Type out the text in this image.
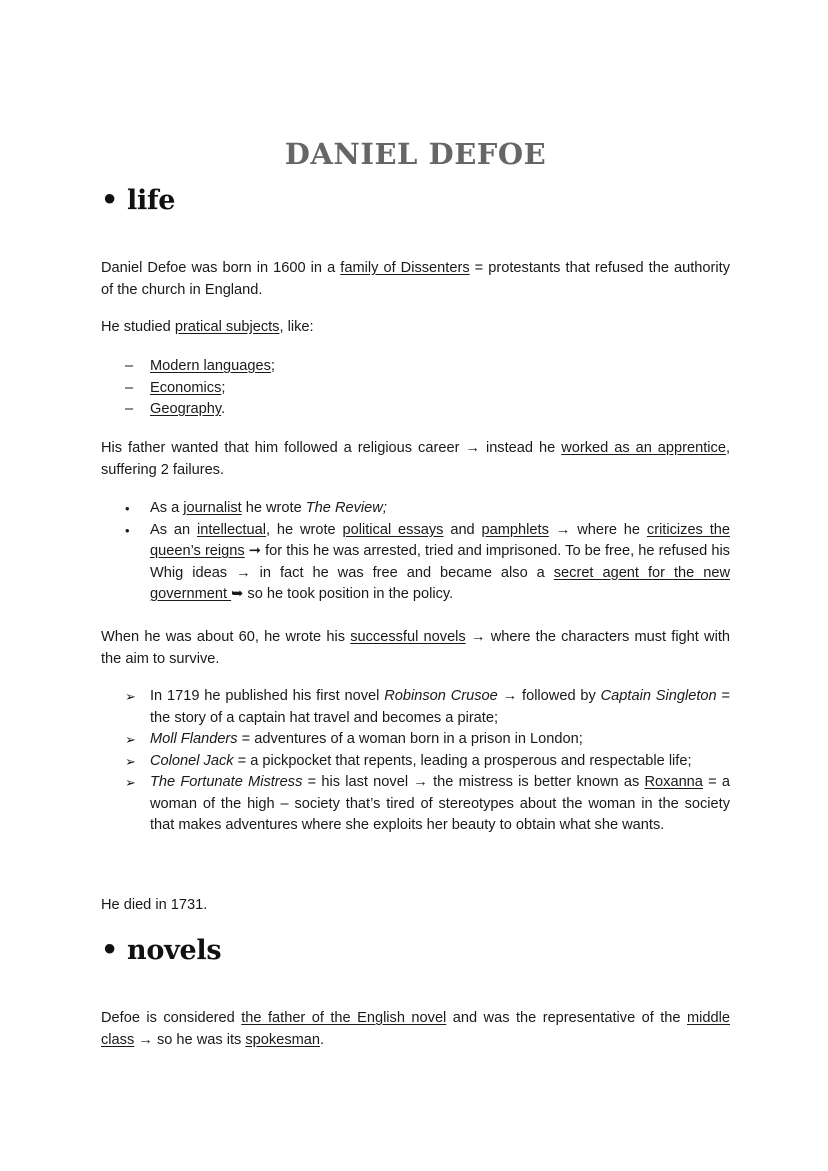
DANIEL DEFOE
• life

Daniel Defoe was born in 1600 in a family of Dissenters = protestants that refused the authority of the church in England.

He studied pratical subjects, like:

–	Modern languages;
–	Economics;
–	Geography.

His father wanted that him followed a religious career → instead he worked as an apprentice, suffering 2 failures.

•	As a journalist he wrote The Review;
•	As an intellectual, he wrote political essays and pamphlets → where he criticizes the queen’s reigns ➞ for this he was arrested, tried and imprisoned. To be free, he refused his Whig ideas → in fact he was free and became also a secret agent for the new government ➥ so he took position in the policy.

When he was about 60, he wrote his successful novels → where the characters must fight with the aim to survive.

➢ In 1719 he published his first novel Robinson Crusoe → followed by Captain Singleton = the story of a captain hat travel and becomes a pirate;
➢ Moll Flanders = adventures of a woman born in a prison in London;
➢ Colonel Jack = a pickpocket that repents, leading a prosperous and respectable life;
➢ The Fortunate Mistress = his last novel → the mistress is better known as Roxanna = a woman of the high – society that’s tired of stereotypes about the woman in the society that makes adventures where she exploits her beauty to obtain what she wants.

He died in 1731.

• novels

Defoe is considered the father of the English novel and was the representative of the middle class → so he was its spokesman.
